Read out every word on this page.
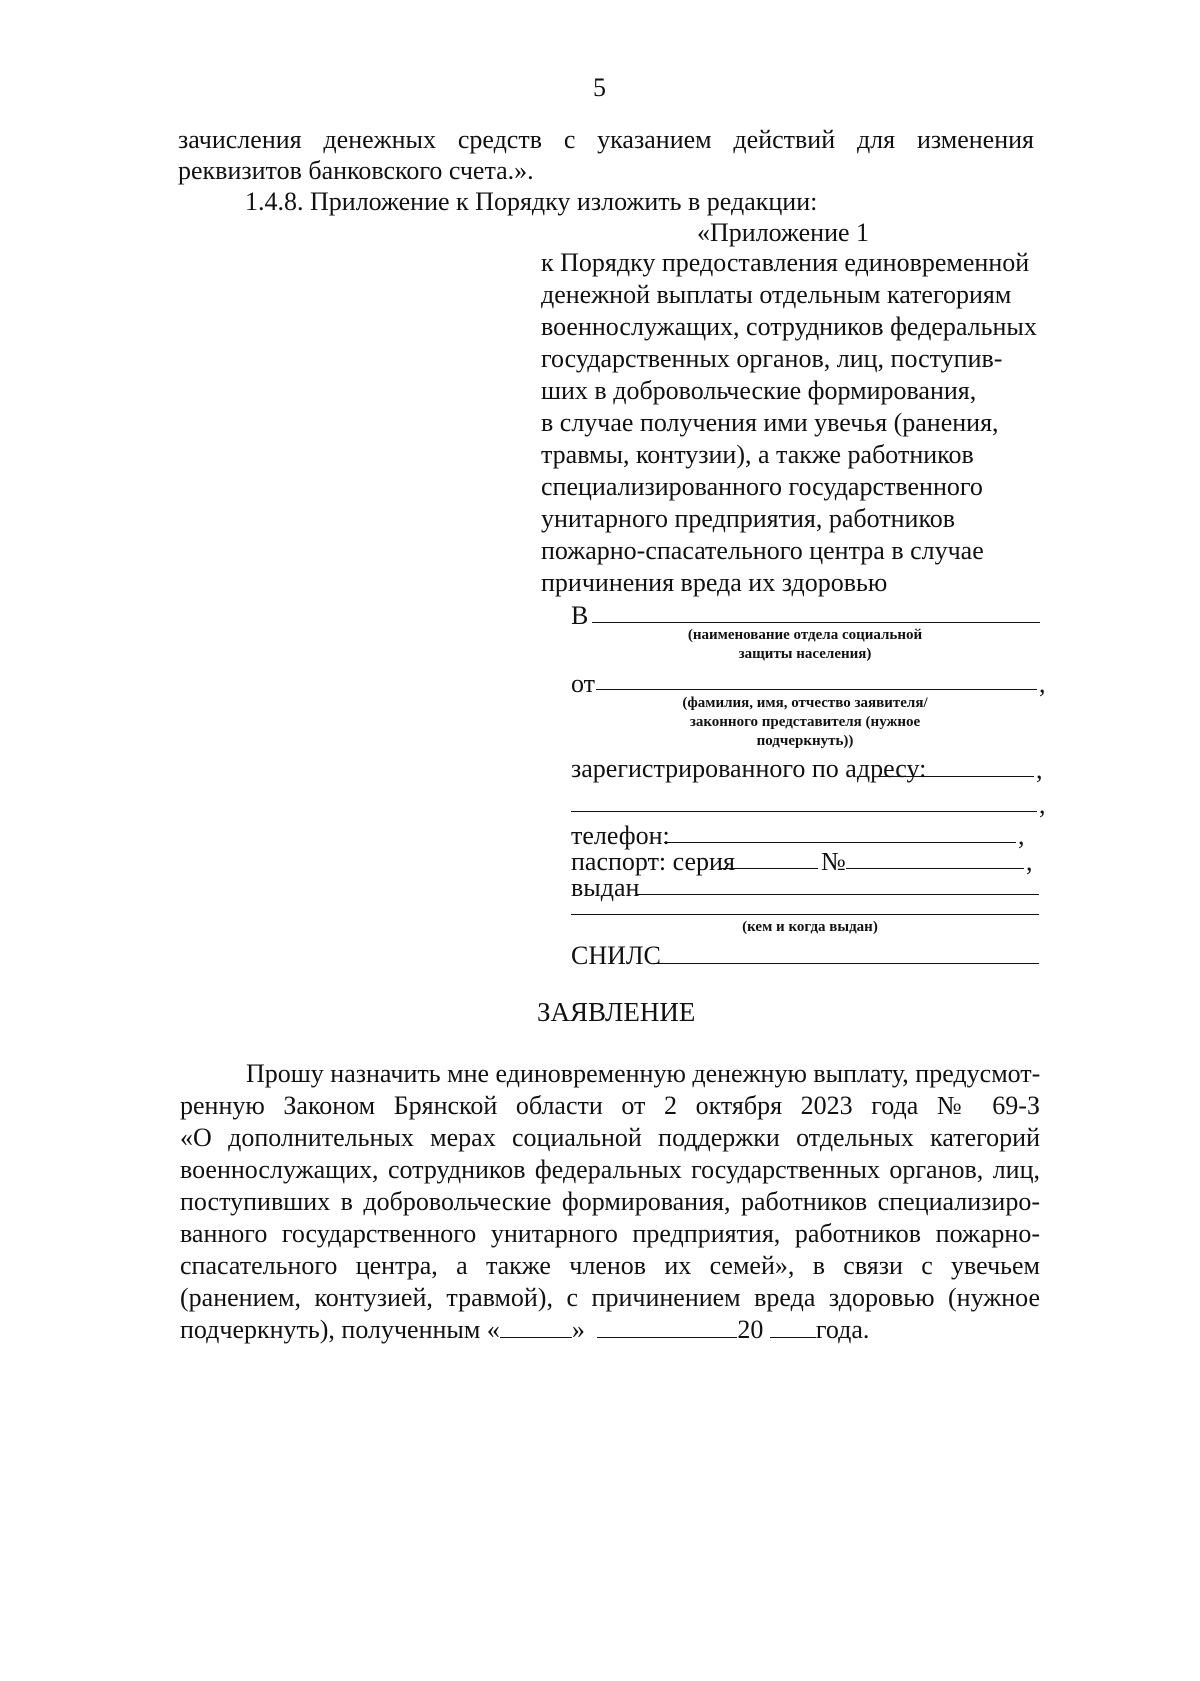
5
зачисления денежных средств с указанием действий для изменения
реквизитов банковского счета.».
1.4.8. Приложение к Порядку изложить в редакции:
«Приложение 1
к Порядку предоставления единовременной
денежной выплаты отдельным категориям
военнослужащих, сотрудников федеральных
государственных органов, лиц, поступив-
ших в добровольческие формирования,
в случае получения ими увечья (ранения,
травмы, контузии), а также работников
специализированного государственного
унитарного предприятия, работников
пожарно-спасательного центра в случае
причинения вреда их здоровью
В
(наименование отдела социальной
защиты населения)
от	,
(фамилия, имя, отчество заявителя/
законного представителя (нужное
подчеркнуть))
зарегистрированного по адресу:	,
,
телефон:	,
паспорт: серия	№	,
выдан
(кем и когда выдан)
СНИЛС
ЗАЯВЛЕНИЕ
Прошу назначить мне единовременную денежную выплату, предусмот-
ренную Законом Брянской области от 2 октября 2023 года № 69-З
«О дополнительных мерах социальной поддержки отдельных категорий
военнослужащих, сотрудников федеральных государственных органов, лиц,
поступивших в добровольческие формирования, работников специализиро-
ванного государственного унитарного предприятия, работников пожарно-
спасательного центра, а также членов их семей», в связи с увечьем
(ранением, контузией, травмой), с причинением вреда здоровью (нужное
подчеркнуть), полученным «	»	20 года.
